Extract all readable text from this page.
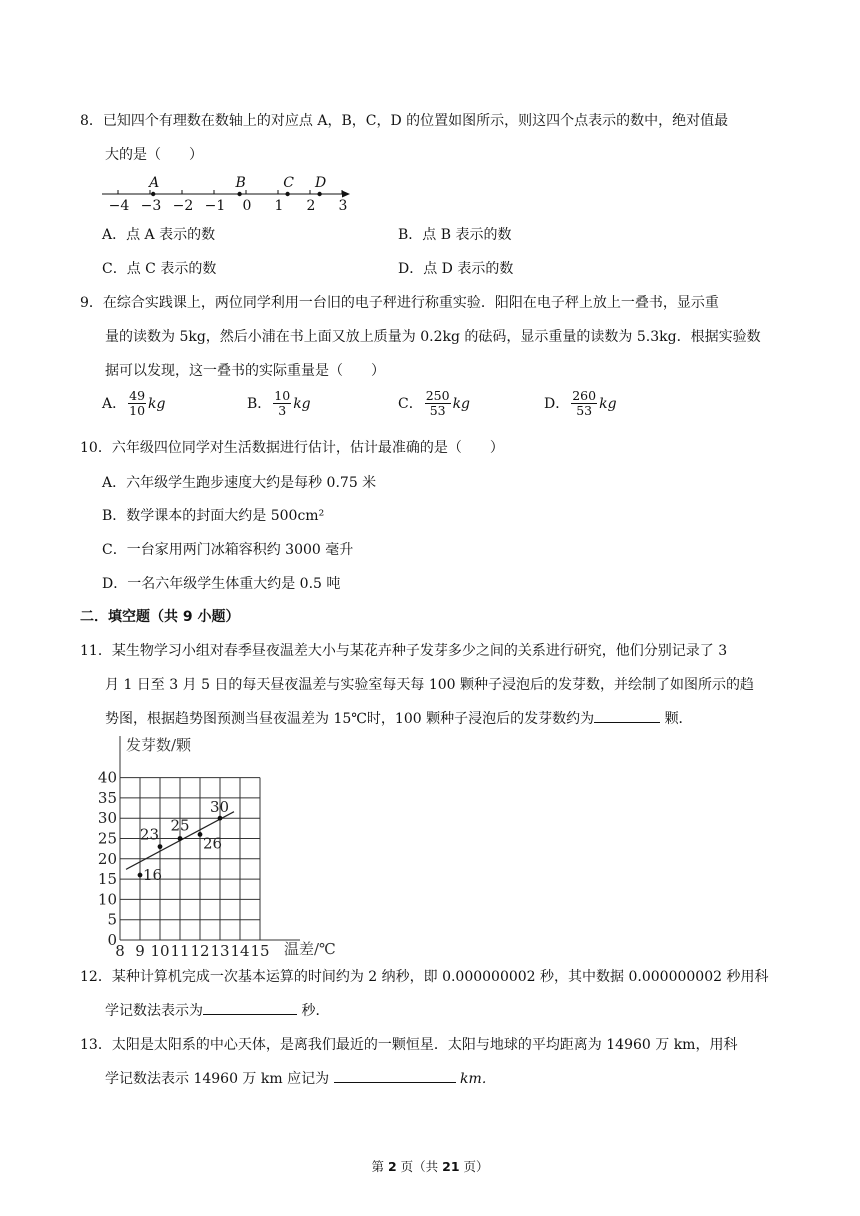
8．已知四个有理数在数轴上的对应点 A，B，C，D 的位置如图所示，则这四个点表示的数中，绝对值最
大的是（　　）
−4 −3 −2 −1 0 1 2 3
A	B	C D
A．点 A 表示的数	B．点 B 表示的数
C．点 C 表示的数	D．点 D 表示的数
9．在综合实践课上，两位同学利用一台旧的电子秤进行称重实验．阳阳在电子秤上放上一叠书，显示重
量的读数为 5kg，然后小浦在书上面又放上质量为 0.2kg 的砝码，显示重量的读数为 5.3kg．根据实验数
据可以发现，这一叠书的实际重量是（　　）
A． $\frac{49}{10}$ kg	B． $\frac{10}{3}$ kg	C． $\frac{250}{53}$ kg	D． $\frac{260}{53}$ kg
10．六年级四位同学对生活数据进行估计，估计最准确的是（　　）
A．六年级学生跑步速度大约是每秒 0.75 米
B．数学课本的封面大约是 500cm²
C．一台家用两门冰箱容积约 3000 毫升
D．一名六年级学生体重大约是 0.5 吨
二．填空题（共 9 小题）
11．某生物学习小组对春季昼夜温差大小与某花卉种子发芽多少之间的关系进行研究，他们分别记录了 3
月 1 日至 3 月 5 日的每天昼夜温差与实验室每天每 100 颗种子浸泡后的发芽数，并绘制了如图所示的趋
势图，根据趋势图预测当昼夜温差为 15℃时，100 颗种子浸泡后的发芽数约为	颗．
发芽数/颗
温差/℃
8 9 10 11 12 13 14 15
0
5
10
15
20
25
30
35
40
16
23
25
26
30
12．某种计算机完成一次基本运算的时间约为 2 纳秒，即 0.000000002 秒，其中数据 0.000000002 秒用科
学记数法表示为	秒．
13．太阳是太阳系的中心天体，是离我们最近的一颗恒星．太阳与地球的平均距离为 14960 万 km，用科
学记数法表示 14960 万 km 应记为	km．
第 2 页（共 21 页）
